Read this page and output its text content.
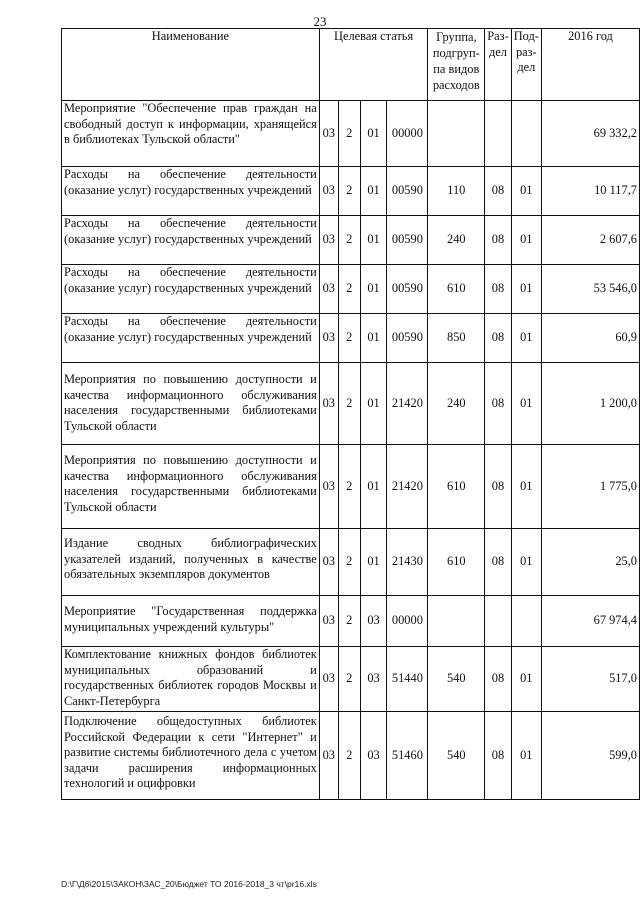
23
Наименование	Целевая статья				Группа, подгруп-па видов расходов	Раз-дел	Под-раз-дел	2016 год
Мероприятие "Обеспечение прав граждан на свободный доступ к информации, хранящейся в библиотеках Тульской области"	03	2	01	00000				69 332,2
Расходы на обеспечение деятельности (оказание услуг) государственных учреждений	03	2	01	00590	110	08	01	10 117,7
Расходы на обеспечение деятельности (оказание услуг) государственных учреждений	03	2	01	00590	240	08	01	2 607,6
Расходы на обеспечение деятельности (оказание услуг) государственных учреждений	03	2	01	00590	610	08	01	53 546,0
Расходы на обеспечение деятельности (оказание услуг) государственных учреждений	03	2	01	00590	850	08	01	60,9
Мероприятия по повышению доступности и качества информационного обслуживания населения государственными библиотеками Тульской области	03	2	01	21420	240	08	01	1 200,0
Мероприятия по повышению доступности и качества информационного обслуживания населения государственными библиотеками Тульской области	03	2	01	21420	610	08	01	1 775,0
Издание сводных библиографических указателей изданий, полученных в качестве обязательных экземпляров документов	03	2	01	21430	610	08	01	25,0
Мероприятие "Государственная поддержка муниципальных учреждений культуры"	03	2	03	00000				67 974,4
Комплектование книжных фондов библиотек муниципальных образований и государственных библиотек городов Москвы и Санкт-Петербурга	03	2	03	51440	540	08	01	517,0
Подключение общедоступных библиотек Российской Федерации к сети "Интернет" и развитие системы библиотечного дела с учетом задачи расширения информационных технологий и оцифровки	03	2	03	51460	540	08	01	599,0
D:\Г\Д6\2015\ЗАКОН\ЗАС_20\Бюджет ТО 2016-2018_3 чт\pr16.xls
